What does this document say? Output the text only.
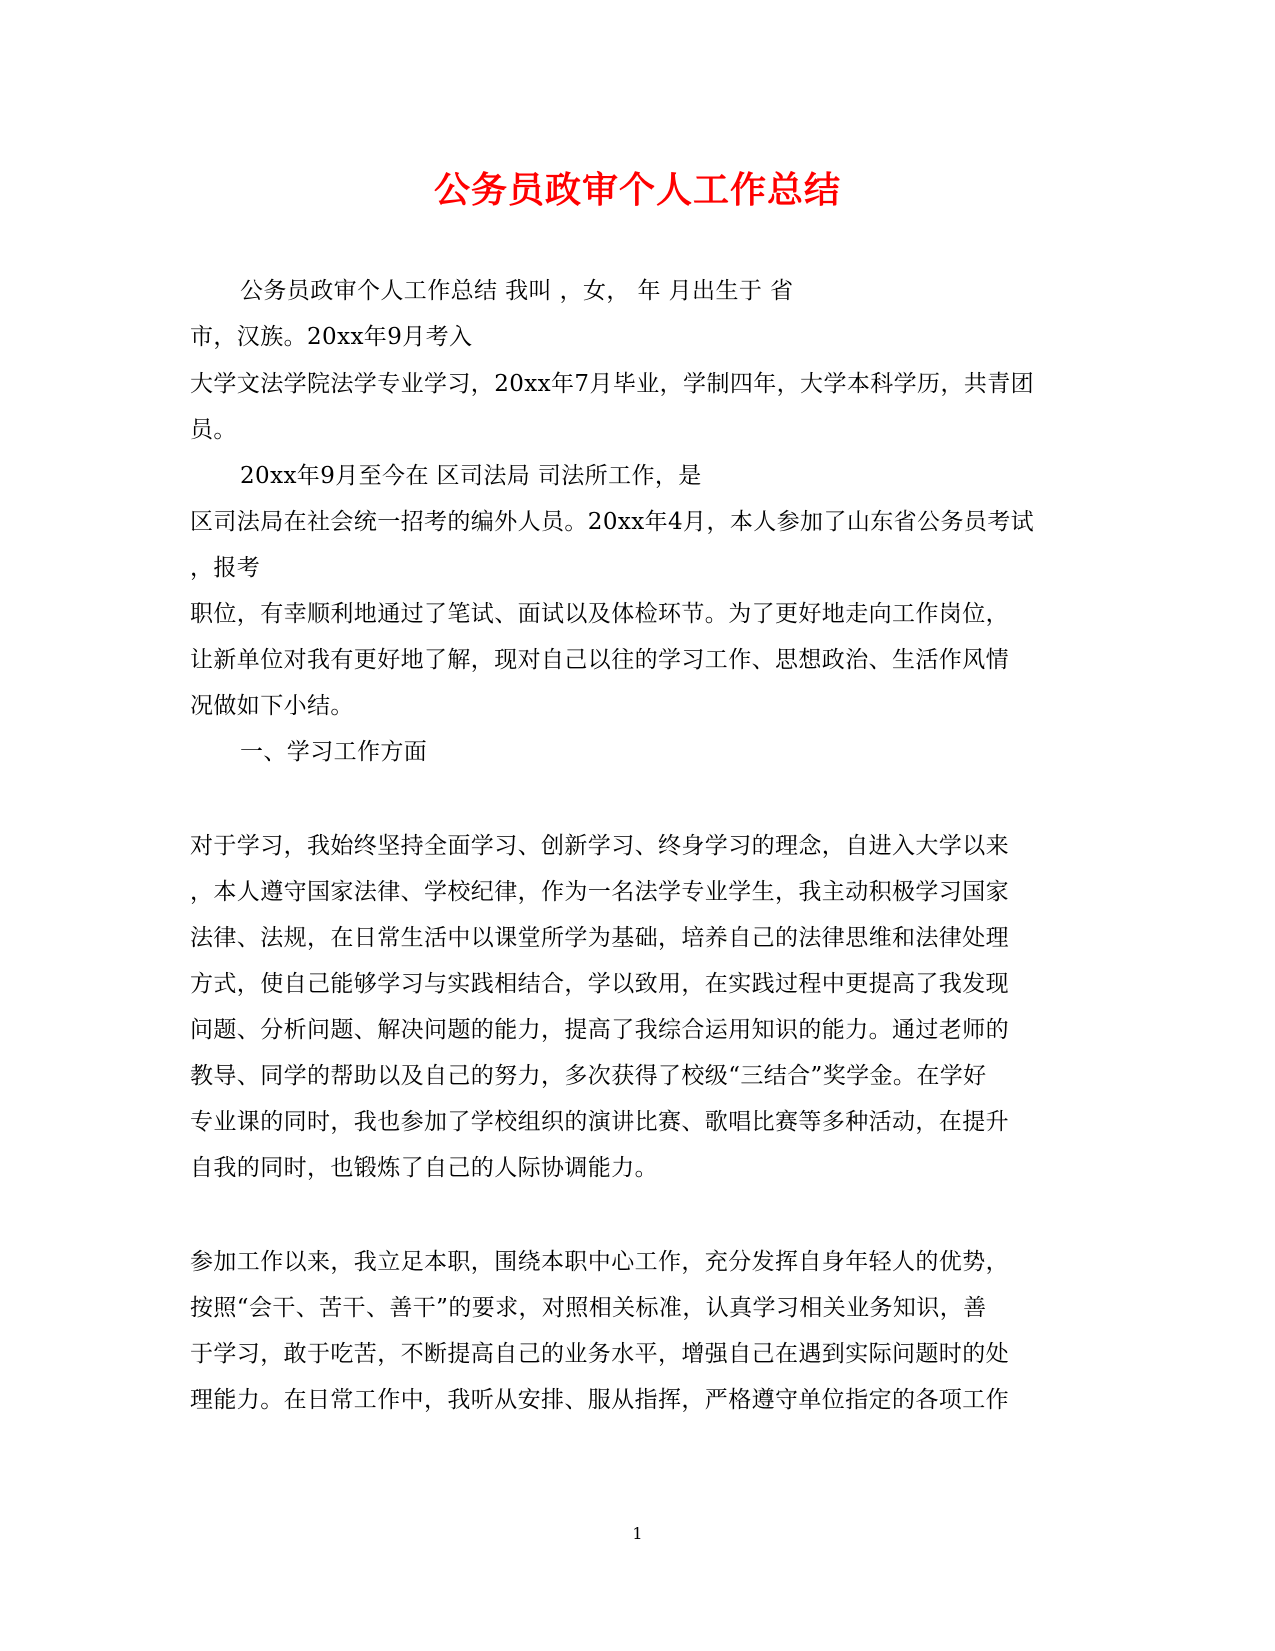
公务员政审个人工作总结
公务员政审个人工作总结 我叫 ，女， 年 月出生于 省
市，汉族。20xx年9月考入
大学文法学院法学专业学习，20xx年7月毕业，学制四年，大学本科学历，共青团
员。
20xx年9月至今在 区司法局 司法所工作，是
区司法局在社会统一招考的编外人员。20xx年4月，本人参加了山东省公务员考试
，报考
职位，有幸顺利地通过了笔试、面试以及体检环节。为了更好地走向工作岗位，
让新单位对我有更好地了解，现对自己以往的学习工作、思想政治、生活作风情
况做如下小结。
一、学习工作方面
对于学习，我始终坚持全面学习、创新学习、终身学习的理念，自进入大学以来
，本人遵守国家法律、学校纪律，作为一名法学专业学生，我主动积极学习国家
法律、法规，在日常生活中以课堂所学为基础，培养自己的法律思维和法律处理
方式，使自己能够学习与实践相结合，学以致用，在实践过程中更提高了我发现
问题、分析问题、解决问题的能力，提高了我综合运用知识的能力。通过老师的
教导、同学的帮助以及自己的努力，多次获得了校级“三结合”奖学金。在学好
专业课的同时，我也参加了学校组织的演讲比赛、歌唱比赛等多种活动，在提升
自我的同时，也锻炼了自己的人际协调能力。
参加工作以来，我立足本职，围绕本职中心工作，充分发挥自身年轻人的优势，
按照“会干、苦干、善干”的要求，对照相关标准，认真学习相关业务知识，善
于学习，敢于吃苦，不断提高自己的业务水平，增强自己在遇到实际问题时的处
理能力。在日常工作中，我听从安排、服从指挥，严格遵守单位指定的各项工作
1
